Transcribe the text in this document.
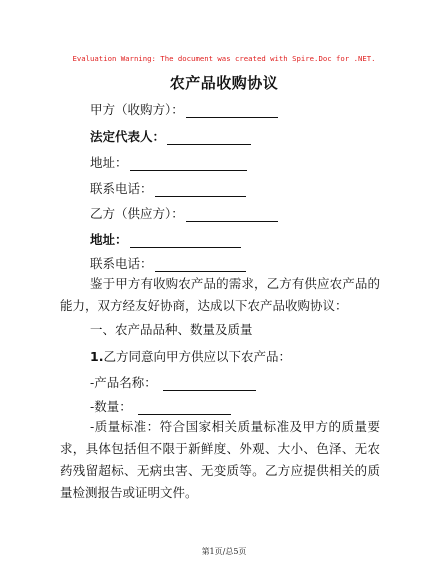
Evaluation Warning: The document was created with Spire.Doc for .NET.
农产品收购协议
甲方（收购方）：
法定代表人：
地址：
联系电话：
乙方（供应方）：
地址：
联系电话：
鉴于甲方有收购农产品的需求，乙方有供应农产品的能力，双方经友好协商，达成以下农产品收购协议：
一、农产品品种、数量及质量
1.乙方同意向甲方供应以下农产品：
-产品名称：
-数量：
-质量标准：符合国家相关质量标准及甲方的质量要求，具体包括但不限于新鲜度、外观、大小、色泽、无农药残留超标、无病虫害、无变质等。乙方应提供相关的质量检测报告或证明文件。
第1页/总5页
